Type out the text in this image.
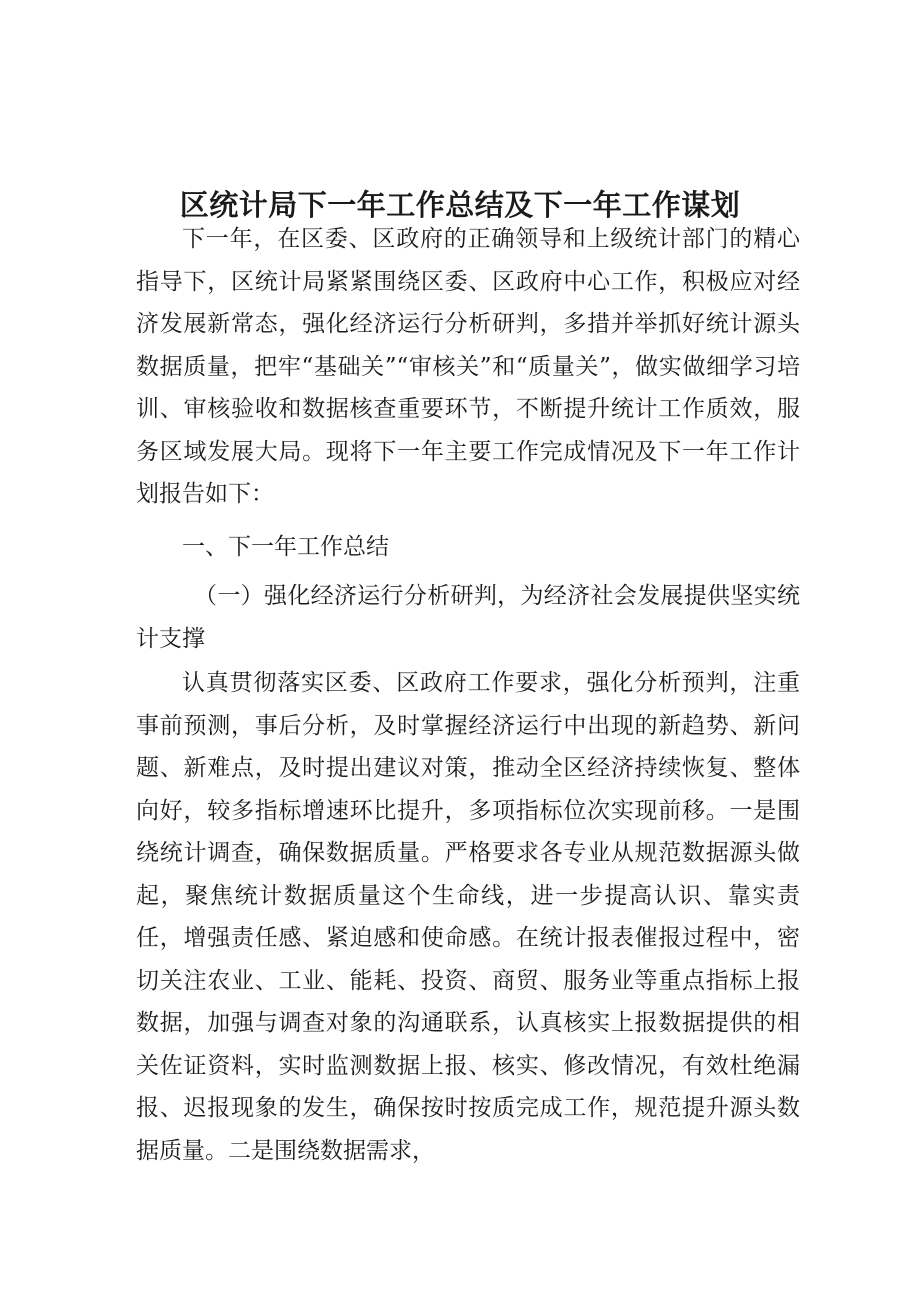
区统计局下一年工作总结及下一年工作谋划

下一年，在区委、区政府的正确领导和上级统计部门的精心指导下，区统计局紧紧围绕区委、区政府中心工作，积极应对经济发展新常态，强化经济运行分析研判，多措并举抓好统计源头数据质量，把牢“基础关”“审核关”和“质量关”，做实做细学习培训、审核验收和数据核查重要环节，不断提升统计工作质效，服务区域发展大局。现将下一年主要工作完成情况及下一年工作计划报告如下：

一、下一年工作总结

（一）强化经济运行分析研判，为经济社会发展提供坚实统计支撑

认真贯彻落实区委、区政府工作要求，强化分析预判，注重事前预测，事后分析，及时掌握经济运行中出现的新趋势、新问题、新难点，及时提出建议对策，推动全区经济持续恢复、整体向好，较多指标增速环比提升，多项指标位次实现前移。一是围绕统计调查，确保数据质量。严格要求各专业从规范数据源头做起，聚焦统计数据质量这个生命线，进一步提高认识、靠实责任，增强责任感、紧迫感和使命感。在统计报表催报过程中，密切关注农业、工业、能耗、投资、商贸、服务业等重点指标上报数据，加强与调查对象的沟通联系，认真核实上报数据提供的相关佐证资料，实时监测数据上报、核实、修改情况，有效杜绝漏报、迟报现象的发生，确保按时按质完成工作，规范提升源头数据质量。二是围绕数据需求，
